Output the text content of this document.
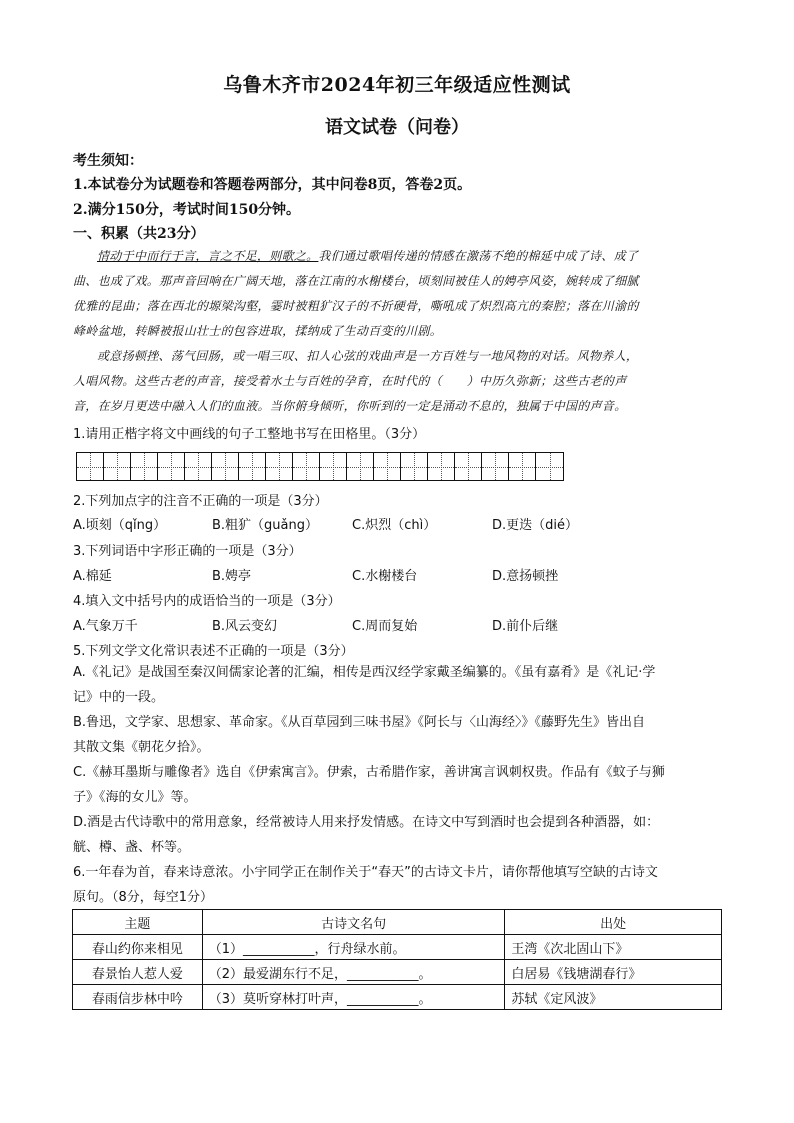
乌鲁木齐市2024年初三年级适应性测试
语文试卷（问卷）
考生须知：
1.本试卷分为试题卷和答题卷两部分，其中问卷8页，答卷2页。
2.满分150分，考试时间150分钟。
一、积累（共23分）

情动于中而行于言，言之不足，则歌之。我们通过歌唱传递的情感在激荡不绝的棉延中成了诗、成了

曲、也成了戏。那声音回响在广阔天地，落在江南的水榭楼台，顷刻间被佳人的娉亭风姿，婉转成了细腻
优雅的昆曲；落在西北的塬梁沟壑，霎时被粗犷汉子的不折硬骨，嘶吼成了炽烈高亢的秦腔；落在川渝的
峰岭盆地，转瞬被报山壮士的包容进取，揉纳成了生动百变的川剧。

或意扬顿挫、荡气回肠，或一唱三叹、扣人心弦的戏曲声是一方百姓与一地风物的对话。风物养人，

人唱风物。这些古老的声音，接受着水土与百姓的孕育，在时代的（　　）中历久弥新；这些古老的声
音，在岁月更迭中融入人们的血液。当你俯身倾听，你听到的一定是涌动不息的，独属于中国的声音。
1.请用正楷字将文中画线的句子工整地书写在田格里。（3分）
2.下列加点字的注音不正确的一项是（3分）
A.顷刻（qǐng）	B.粗犷（guǎng）	C.炽烈（chì）	D.更迭（dié）
3.下列词语中字形正确的一项是（3分）
A.棉延	B.娉亭	C.水榭楼台	D.意扬顿挫
4.填入文中括号内的成语恰当的一项是（3分）
A.气象万千	B.风云变幻	C.周而复始	D.前仆后继
5.下列文学文化常识表述不正确的一项是（3分）
A.《礼记》是战国至秦汉间儒家论著的汇编，相传是西汉经学家戴圣编纂的。《虽有嘉肴》是《礼记·学
记》中的一段。
B.鲁迅，文学家、思想家、革命家。《从百草园到三味书屋》《阿长与〈山海经〉》《藤野先生》皆出自
其散文集《朝花夕拾》。
C.《赫耳墨斯与雕像者》选自《伊索寓言》。伊索，古希腊作家，善讲寓言讽刺权贵。作品有《蚊子与狮
子》《海的女儿》等。
D.酒是古代诗歌中的常用意象，经常被诗人用来抒发情感。在诗文中写到酒时也会提到各种酒器，如：
觥、樽、盏、杯等。
6.一年春为首，春来诗意浓。小宇同学正在制作关于“春天”的古诗文卡片，请你帮他填写空缺的古诗文
原句。（8分，每空1分）
主题	古诗文名句	出处
春山约你来相见	（1）___________，行舟绿水前。	王湾《次北固山下》
春景怡人惹人爱	（2）最爱湖东行不足，___________。	白居易《钱塘湖春行》
春雨信步林中吟	（3）莫听穿林打叶声，___________。	苏轼《定风波》
